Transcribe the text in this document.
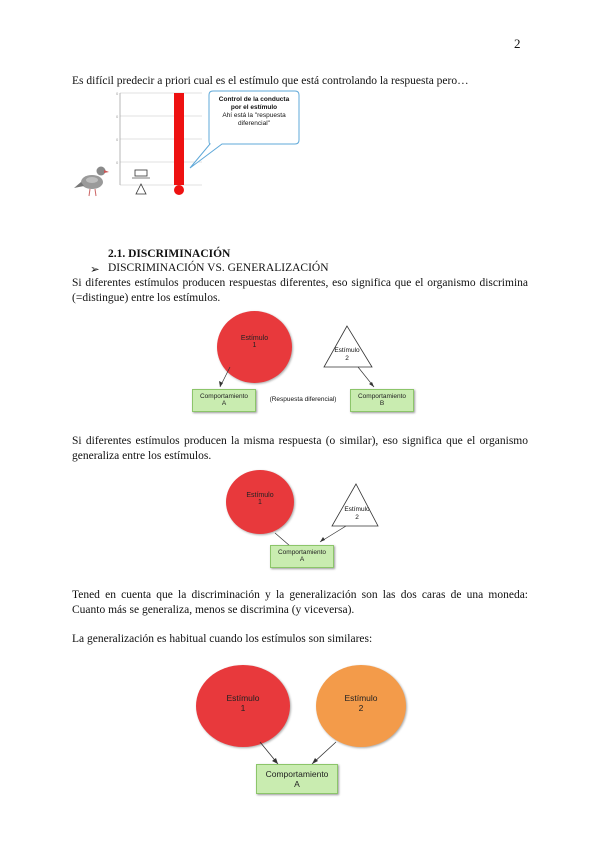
2
Es difícil predecir a priori cual es el estímulo que está controlando la respuesta pero…
0
0
0
0
Control de la conducta
por el estímulo
Ahí está la "respuesta
diferencial"
2.1. DISCRIMINACIÓN
➢ DISCRIMINACIÓN VS. GENERALIZACIÓN
Si diferentes estímulos producen respuestas diferentes, eso significa que el organismo discrimina (=distingue) entre los estímulos.
Estímulo
1
Estímulo
2
Comportamiento
A
(Respuesta diferencial)	Comportamiento
B
Si diferentes estímulos producen la misma respuesta (o similar), eso significa que el organismo generaliza entre los estímulos.
Estímulo
1
Estímulo
2
Comportamiento
A
Tened en cuenta que la discriminación y la generalización son las dos caras de una moneda: Cuanto más se generaliza, menos se discrimina (y viceversa).
La generalización es habitual cuando los estímulos son similares:
Estímulo
1
Estímulo
2
Comportamiento
A
